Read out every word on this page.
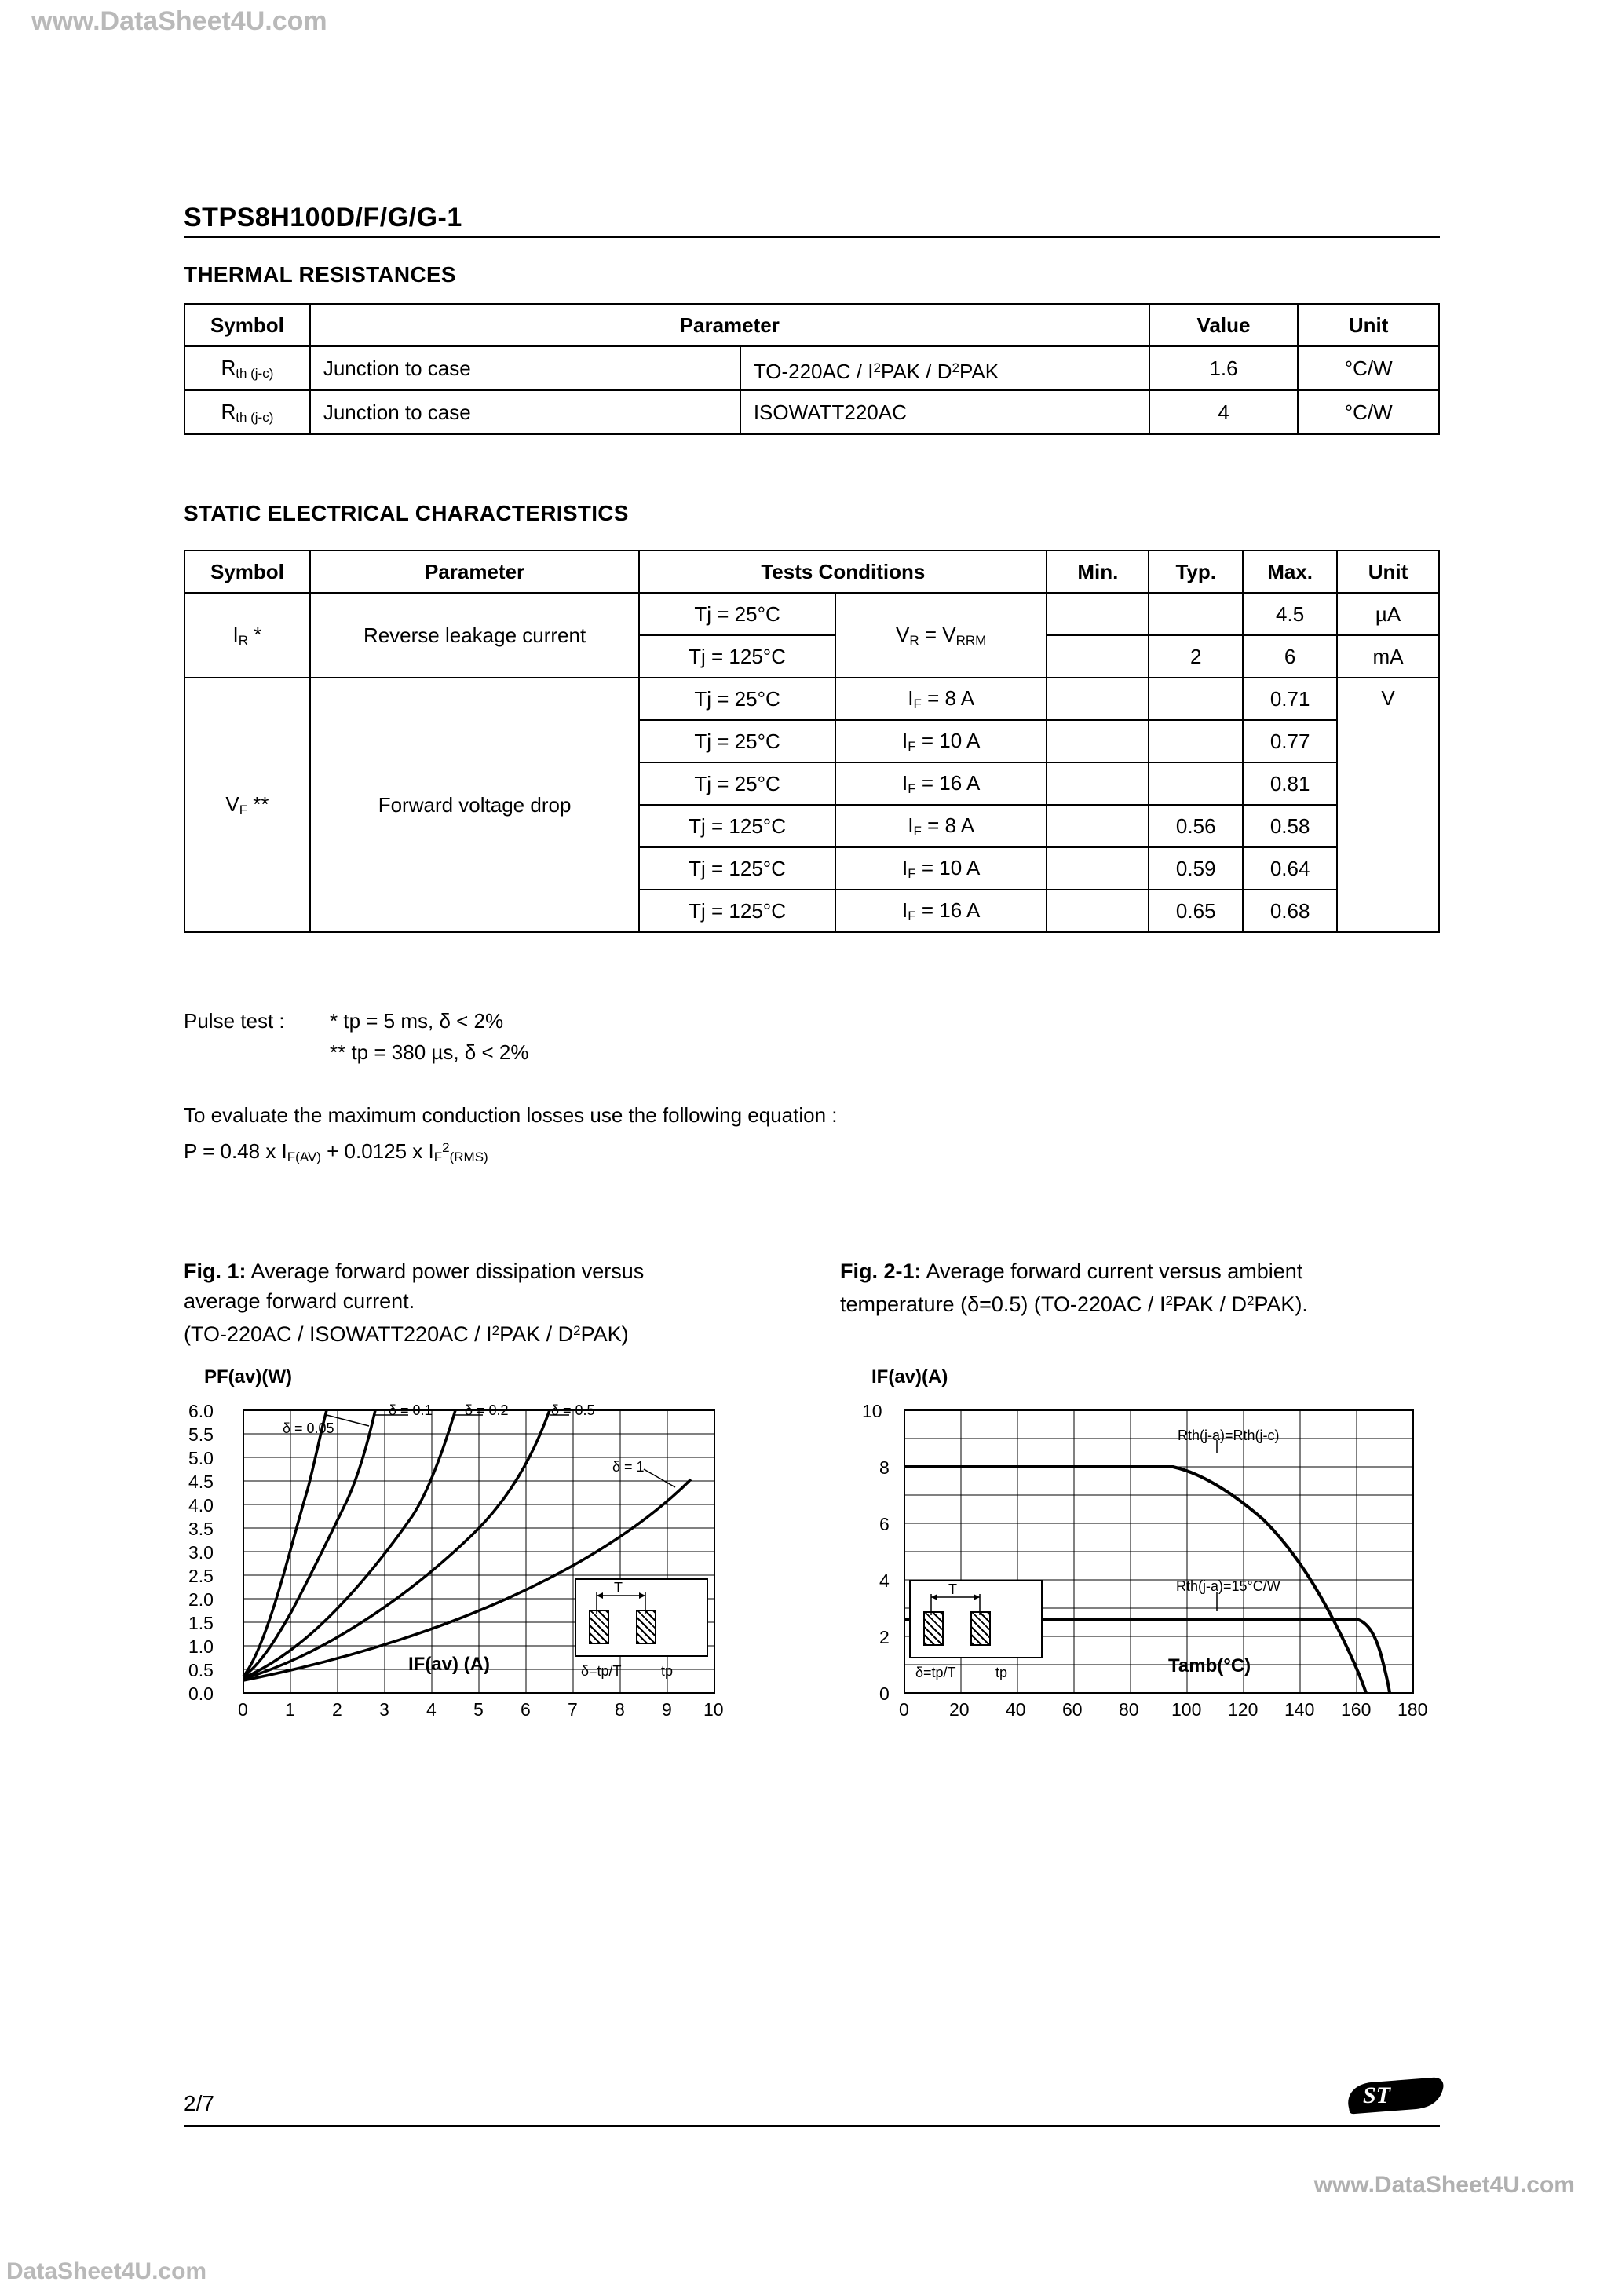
www.DataSheet4U.com
www.DataSheet4U.com
DataSheet4U.com
STPS8H100D/F/G/G-1
THERMAL RESISTANCES
Symbol	Parameter	Value	Unit
$R_{th (j-c)}$	Junction to case $TO-220AC / I^2PAK / D^2PAK$	1.6	°C/W
$R_{th (j-c)}$	Junction to case ISOWATT220AC	4	°C/W
STATIC ELECTRICAL CHARACTERISTICS
Symbol	Parameter	Tests Conditions		Min.	Typ.	Max.	Unit
$I_R$ *	Reverse leakage current	Tj = 25°C	$V_R = V_{RRM}$			4.5	µA
		Tj = 125°C			2	6	mA
$V_F$ **	Forward voltage drop	Tj = 25°C	$I_F = 8$ A			0.71	V
		Tj = 25°C	$I_F = 10$ A			0.77	
		Tj = 25°C	$I_F = 16$ A			0.81	
		Tj = 125°C	$I_F = 8$ A		0.56	0.58	
		Tj = 125°C	$I_F = 10$ A		0.59	0.64	
		Tj = 125°C	$I_F = 16$ A		0.65	0.68	
Pulse test : * tp = 5 ms, δ < 2%
** tp = 380 µs, δ < 2%
To evaluate the maximum conduction losses use the following equation :
P = 0.48 x $I_{F(AV)} + 0.0125$ x $I_F^2_{(RMS)}$
Fig. 1: Average forward power dissipation versus
average forward current.
(TO-220AC / ISOWATT220AC / $I^2PAK / D^2PAK$)
Fig. 2-1: Average forward current versus ambient
temperature (δ=0.5) $(TO-220AC / I^2PAK / D^2PAK)$.
PF(av)(W)
δ = 0.05
δ = 0.1 δ = 0.2	δ = 0.5
δ = 1
6.0
5.5
5.0
4.5
4.0
3.5
3.0
2.5
2.0
1.5
1.0
0.5
0.0
0 1 2 3 4 5 6 7 8 9 10
IF(av) (A)
T
δ=tp/T	tp
IF(av)(A)
Rth(j-a)=Rth(j-c)
Rth(j-a)=15°C/W
10
8
6
4
2
0
0 20 40 60 80 100 120 140 160 180
Tamb(°C)
T
δ=tp/T	tp
2/7	ST
